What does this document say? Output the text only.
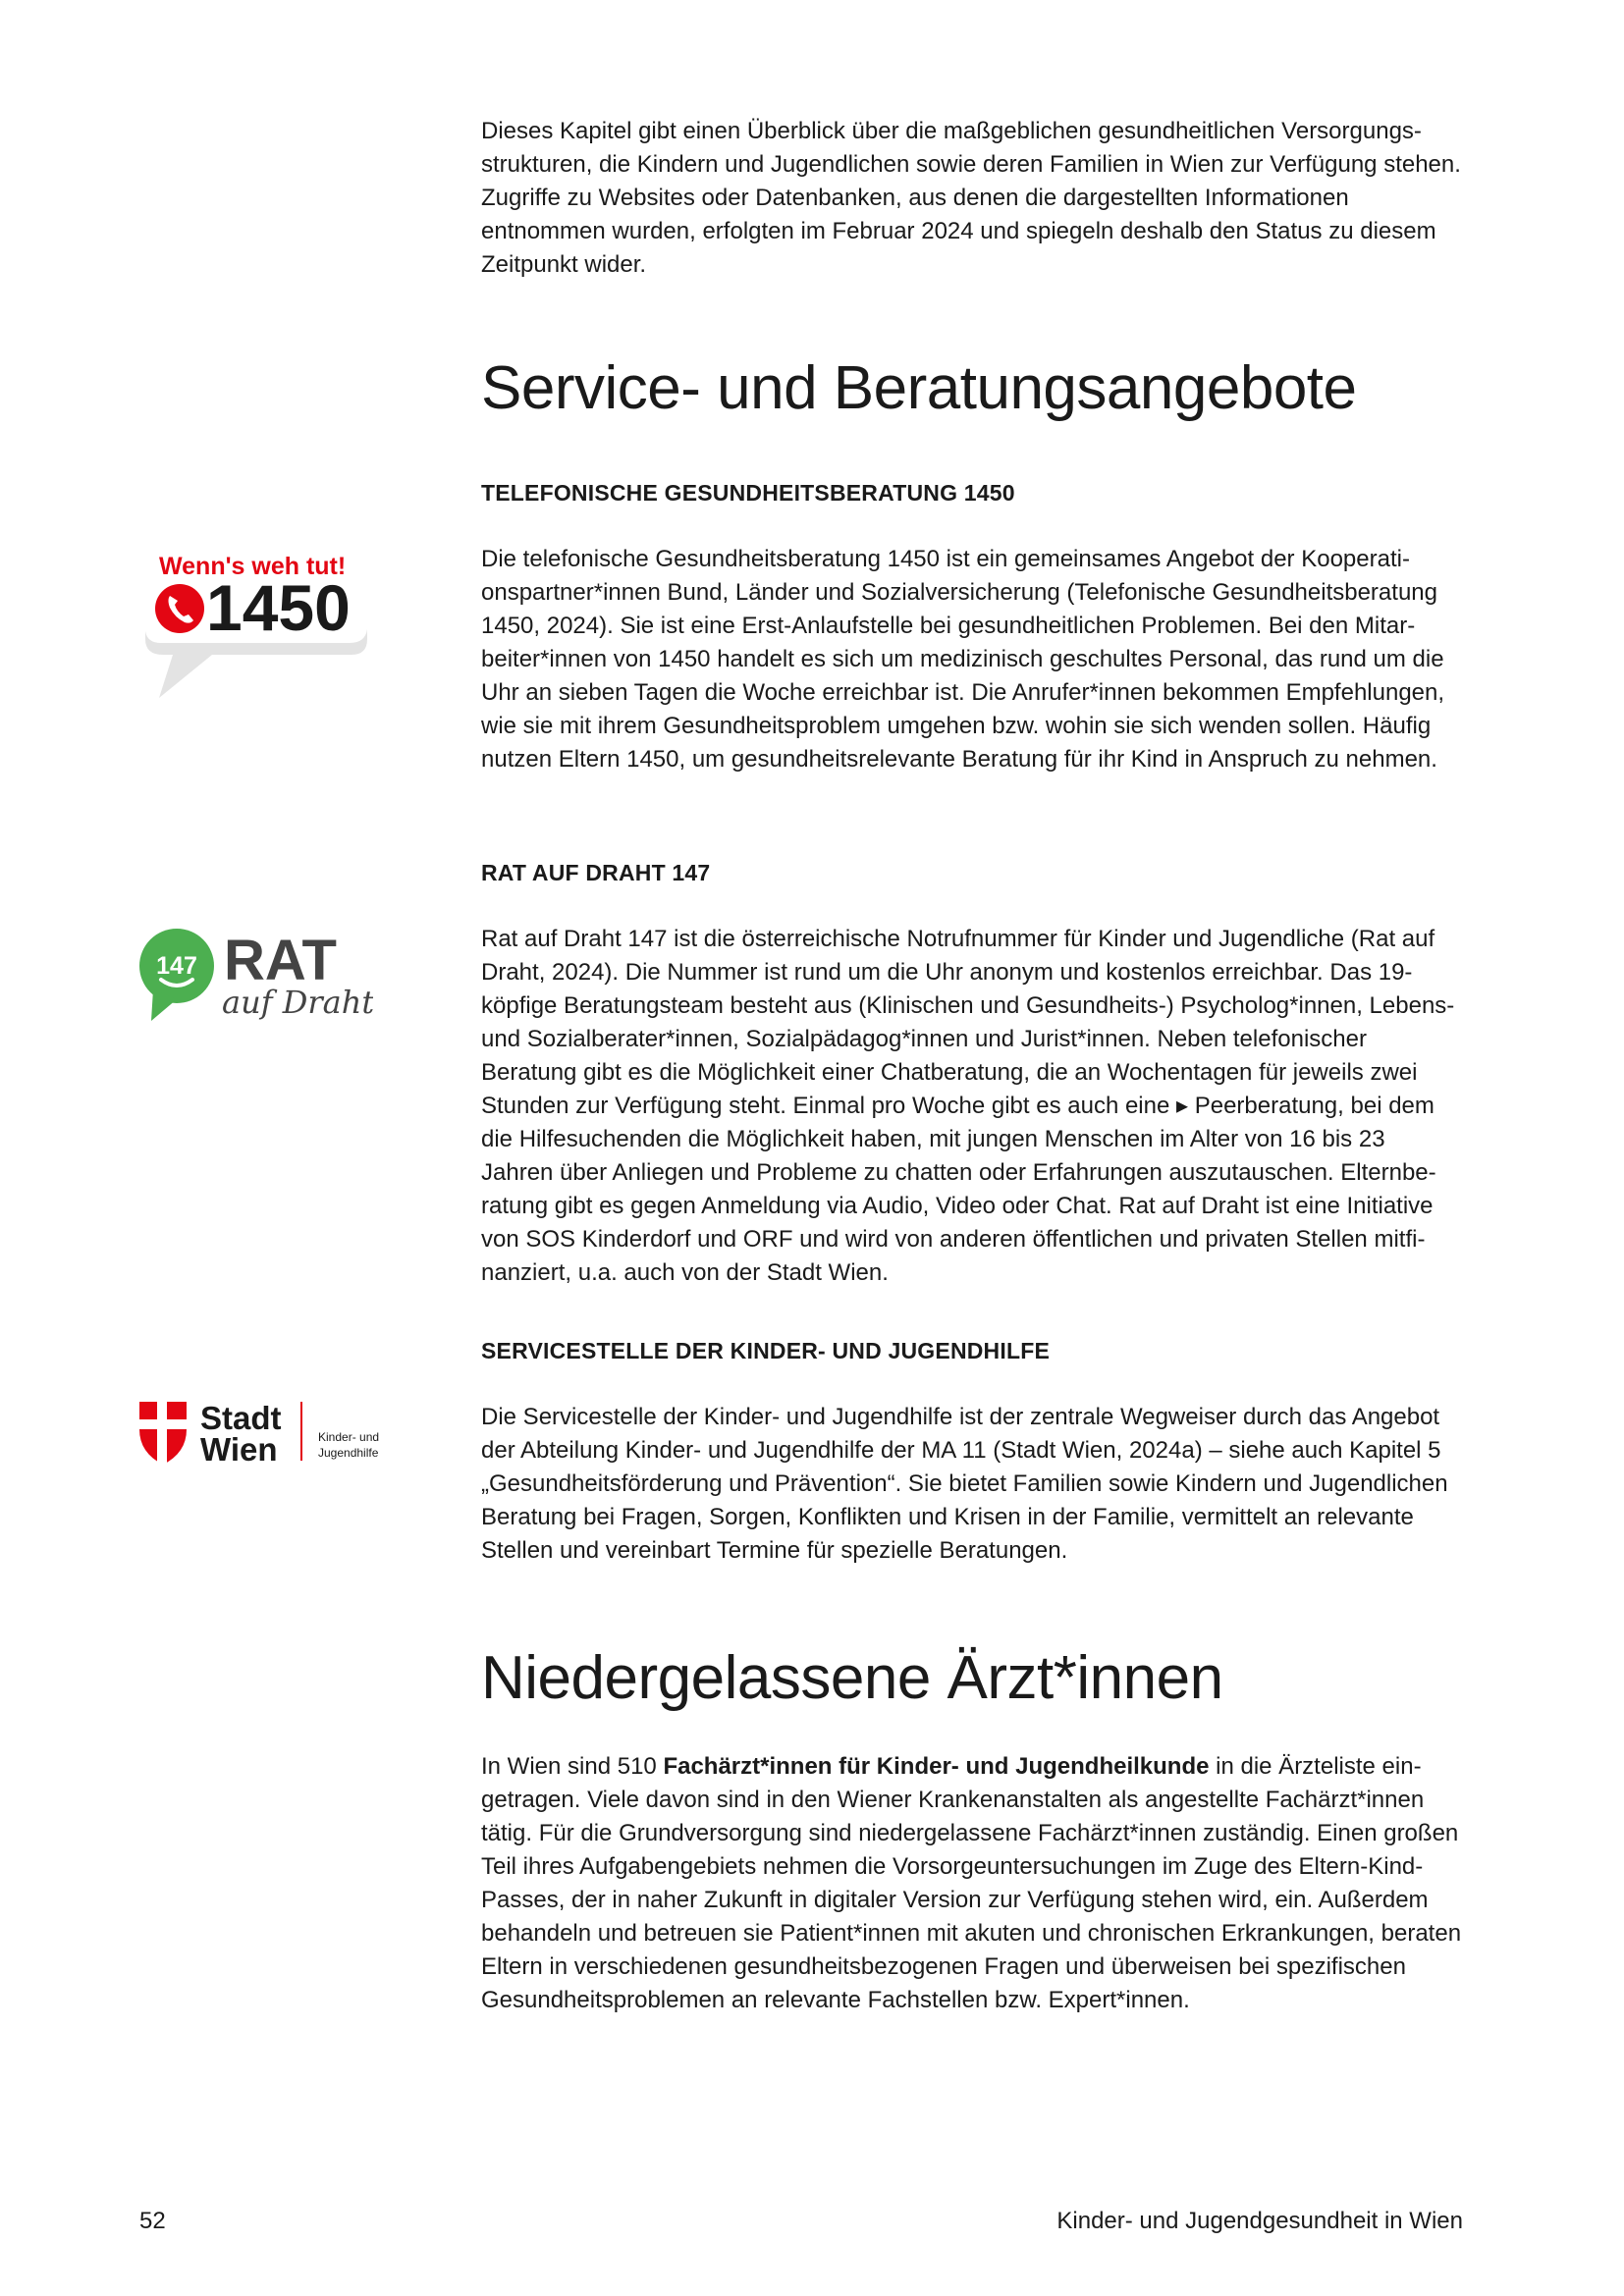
Dieses Kapitel gibt einen Überblick über die maßgeblichen gesundheitlichen Versorgungsstrukturen, die Kindern und Jugendlichen sowie deren Familien in Wien zur Verfügung stehen. Zugriffe zu Websites oder Datenbanken, aus denen die dargestellten Informationen entnommen wurden, erfolgten im Februar 2024 und spiegeln deshalb den Status zu diesem Zeitpunkt wider.

Service- und Beratungsangebote
TELEFONISCHE GESUNDHEITSBERATUNG 1450

Die telefonische Gesundheitsberatung 1450 ist ein gemeinsames Angebot der Kooperationspartner*innen Bund, Länder und Sozialversicherung (Telefonische Gesundheitsberatung 1450, 2024). Sie ist eine Erst-Anlaufstelle bei gesundheitlichen Problemen. Bei den Mitarbeiter*innen von 1450 handelt es sich um medizinisch geschultes Personal, das rund um die Uhr an sieben Tagen die Woche erreichbar ist. Die Anrufer*innen bekommen Empfehlungen, wie sie mit ihrem Gesundheitsproblem umgehen bzw. wohin sie sich wenden sollen. Häufig nutzen Eltern 1450, um gesundheitsrelevante Beratung für ihr Kind in Anspruch zu nehmen.

Wenn's weh tut!
1450
RAT AUF DRAHT 147

Rat auf Draht 147 ist die österreichische Notrufnummer für Kinder und Jugendliche (Rat auf Draht, 2024). Die Nummer ist rund um die Uhr anonym und kostenlos erreichbar. Das 19-köpfige Beratungsteam besteht aus (Klinischen und Gesundheits-) Psycholog*innen, Lebens- und Sozialberater*innen, Sozialpädagog*innen und Jurist*innen. Neben telefonischer Beratung gibt es die Möglichkeit einer Chatberatung, die an Wochentagen für jeweils zwei Stunden zur Verfügung steht. Einmal pro Woche gibt es auch eine ▸ Peerberatung, bei dem die Hilfesuchenden die Möglichkeit haben, mit jungen Menschen im Alter von 16 bis 23 Jahren über Anliegen und Probleme zu chatten oder Erfahrungen auszutauschen. Elternberatung gibt es gegen Anmeldung via Audio, Video oder Chat. Rat auf Draht ist eine Initiative von SOS Kinderdorf und ORF und wird von anderen öffentlichen und privaten Stellen mitfinanziert, u.a. auch von der Stadt Wien.

147 RAT
auf Draht
SERVICESTELLE DER KINDER- UND JUGENDHILFE

Die Servicestelle der Kinder- und Jugendhilfe ist der zentrale Wegweiser durch das Angebot der Abteilung Kinder- und Jugendhilfe der MA 11 (Stadt Wien, 2024a) – siehe auch Kapitel 5 „Gesundheitsförderung und Prävention“. Sie bietet Familien sowie Kindern und Jugendlichen Beratung bei Fragen, Sorgen, Konflikten und Krisen in der Familie, vermittelt an relevante Stellen und vereinbart Termine für spezielle Beratungen.

Stadt
Wien	Kinder- und
Jugendhilfe
Niedergelassene Ärzt*innen

In Wien sind 510 Fachärzt*innen für Kinder- und Jugendheilkunde in die Ärzteliste eingetragen. Viele davon sind in den Wiener Krankenanstalten als angestellte Fachärzt*innen tätig. Für die Grundversorgung sind niedergelassene Fachärzt*innen zuständig. Einen großen Teil ihres Aufgabengebiets nehmen die Vorsorgeuntersuchungen im Zuge des Eltern-Kind-Passes, der in naher Zukunft in digitaler Version zur Verfügung stehen wird, ein. Außerdem behandeln und betreuen sie Patient*innen mit akuten und chronischen Erkrankungen, beraten Eltern in verschiedenen gesundheitsbezogenen Fragen und überweisen bei spezifischen Gesundheitsproblemen an relevante Fachstellen bzw. Expert*innen.

52	Kinder- und Jugendgesundheit in Wien
